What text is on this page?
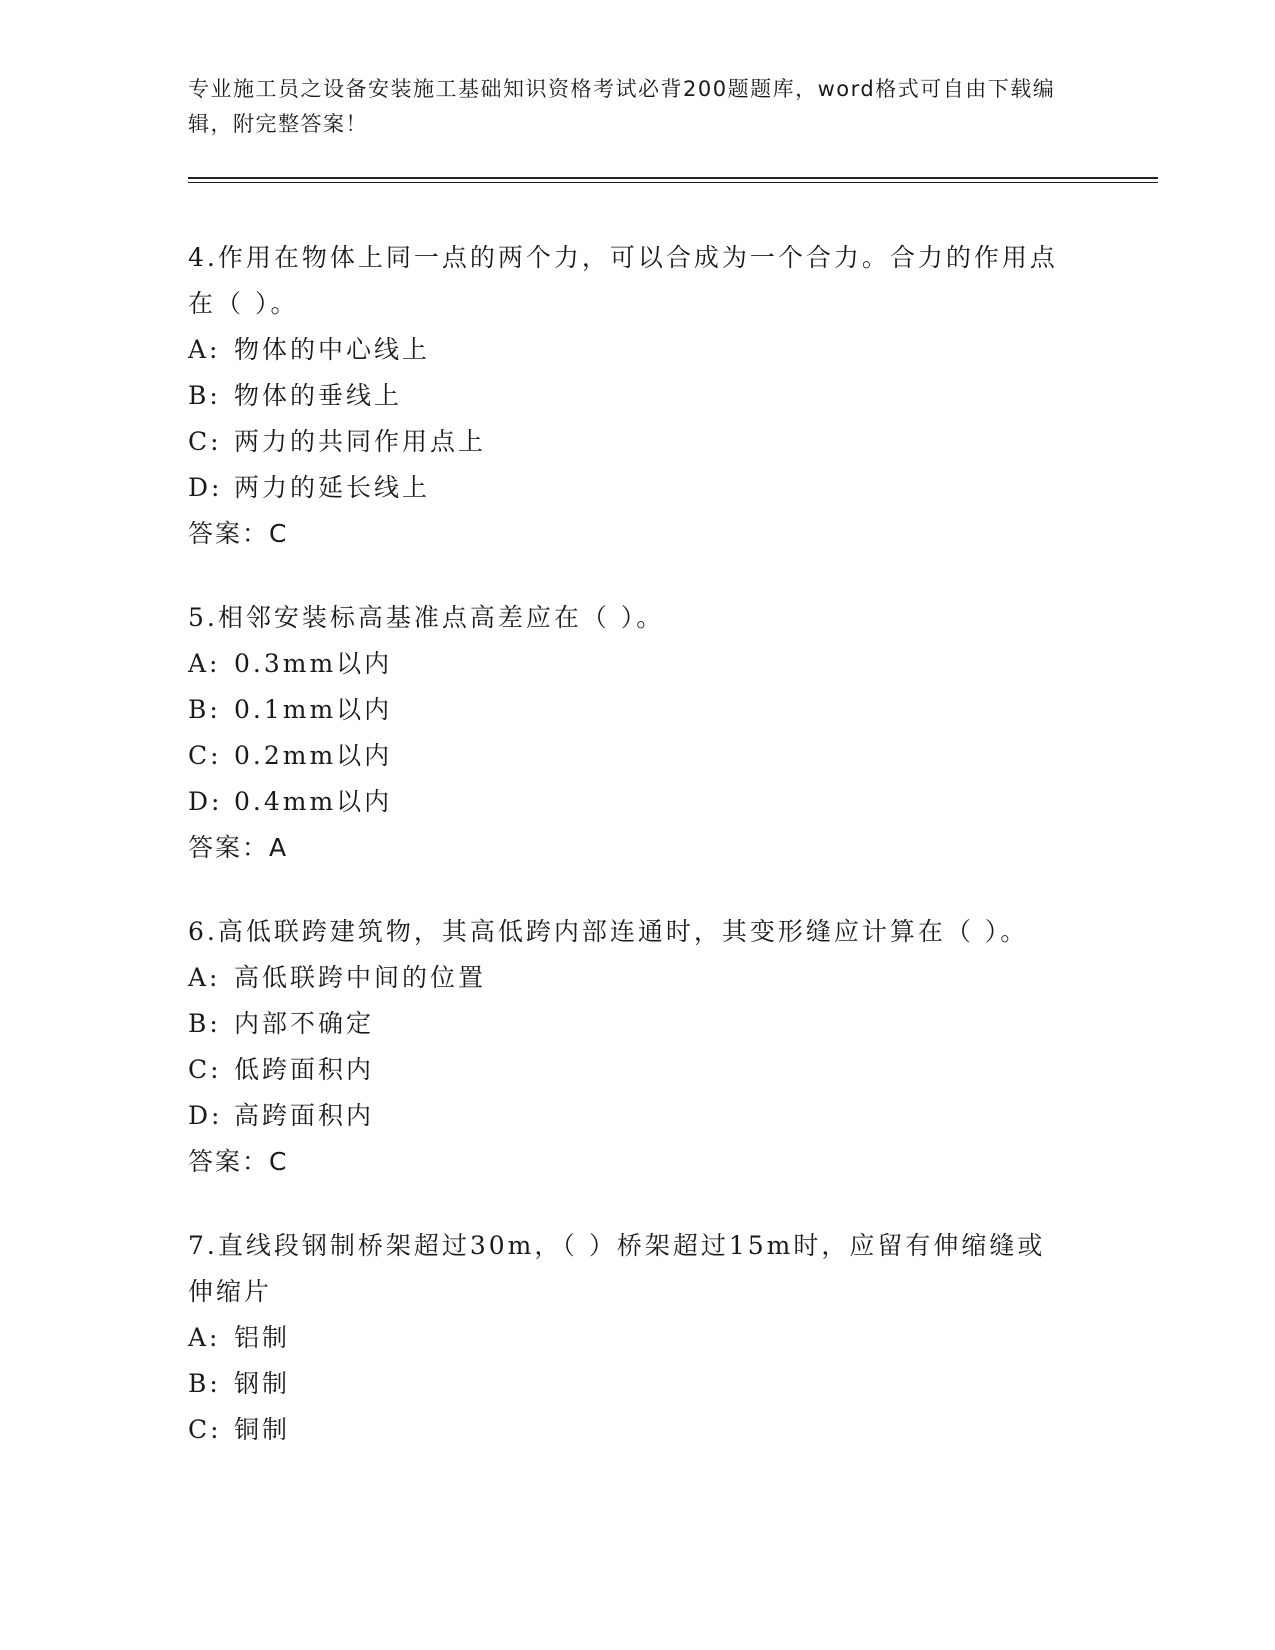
专业施工员之设备安装施工基础知识资格考试必背200题题库，word格式可自由下载编辑，附完整答案！

4.作用在物体上同一点的两个力，可以合成为一个合力。合力的作用点在（ ）。

A: 物体的中心线上

B: 物体的垂线上

C: 两力的共同作用点上

D: 两力的延长线上

答案：C

5.相邻安装标高基准点高差应在（ ）。

A: 0.3mm以内

B: 0.1mm以内

C: 0.2mm以内

D: 0.4mm以内

答案：A

6.高低联跨建筑物，其高低跨内部连通时，其变形缝应计算在（ ）。

A: 高低联跨中间的位置

B: 内部不确定

C: 低跨面积内

D: 高跨面积内

答案：C

7.直线段钢制桥架超过30m，（ ）桥架超过15m时，应留有伸缩缝或伸缩片

A: 铝制

B: 钢制

C: 铜制
